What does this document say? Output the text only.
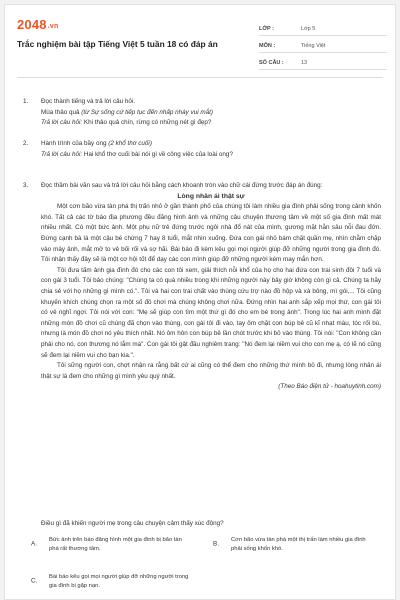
2048.vn
Trắc nghiệm bài tập Tiếng Việt 5 tuần 18 có đáp án
LỚP :	Lớp 5
MÔN :	Tiếng Việt
SỐ CÂU :	13
1. Đọc thành tiếng và trả lời câu hỏi.

Mùa thảo quả (từ Sự sống cứ tiếp tục đến nhấp nháy vui mắt)

Trả lời câu hỏi: Khi thảo quả chín, rừng có những nét gì đẹp?

2. Hành trình của bầy ong (2 khổ thơ cuối)

Trả lời câu hỏi: Hai khổ thơ cuối bài nói gì về công việc của loài ong?

3. Đọc thầm bài văn sau và trả lời câu hỏi bằng cách khoanh tròn vào chữ cái đứng trước đáp án đúng:

Lòng nhân ái thật sự

Một cơn bão vừa tàn phá thị trấn nhỏ ở gần thành phố của chúng tôi làm nhiều gia đình phải sống trong cảnh khốn khó. Tất cả các tờ báo địa phương đều đăng hình ảnh và những câu chuyện thương tâm về một số gia đình mất mát nhiều nhất. Có một bức ảnh. Một phụ nữ trẻ đứng trước ngôi nhà đổ nát của mình, gương mặt hằn sâu nỗi đau đớn. Đứng cạnh bà là một cậu bé chừng 7 hay 8 tuổi, mắt nhìn xuống. Đứa con gái nhỏ bám chặt quần mẹ, nhìn chằm chặp vào máy ảnh, mắt mở to vẻ bối rối và sợ hãi. Bài báo đi kèm kêu gọi mọi người giúp đỡ những người trong gia đình đó. Tôi nhận thấy đây sẽ là một cơ hội tốt để dạy các con mình giúp đỡ những người kém may mắn hơn.

Tôi đưa tấm ảnh gia đình đó cho các con tôi xem, giải thích nỗi khổ của họ cho hai đứa con trai sinh đôi 7 tuổi và con gái 3 tuổi. Tôi bảo chúng: "Chúng ta có quá nhiều trong khi những người này bây giờ không còn gì cả. Chúng ta hãy chia sẻ với họ những gì mình có.". Tôi và hai con trai chất vào thùng cứu trợ nào đồ hộp và xà bông, mì gói,... Tôi cũng khuyến khích chúng chọn ra một số đồ chơi mà chúng không chơi nữa. Đứng nhìn hai anh sắp xếp mọi thứ, con gái tôi có vẻ nghĩ ngợi. Tôi nói với con: "Mẹ sẽ giúp con tìm một thứ gì đó cho em bé trong ảnh". Trong lúc hai anh mình đặt những món đồ chơi cũ chúng đã chọn vào thùng, con gái tôi đi vào, tay ôm chặt con búp bê cũ kĩ nhạt màu, tóc rối bù, nhưng là món đồ chơi nó yêu thích nhất. Nó ôm hôn con búp bê lần chót trước khi bỏ vào thùng. Tôi nói: "Con không cần phải cho nó, con thương nó lắm mà". Con gái tôi gật đầu nghiêm trang: "Nó đem lại niềm vui cho con mẹ ạ, có lẽ nó cũng sẽ đem lại niềm vui cho bạn kia.".

Tôi sững người con, chợt nhận ra rằng bất cứ ai cũng có thể đem cho những thứ mình bỏ đi, nhưng lòng nhân ái thật sự là đem cho những gì mình yêu quý nhất.

(Theo Báo điện tử - hoahuytinh.com)

Điều gì đã khiến người mẹ trong câu chuyện cảm thấy xúc động?
A.
Bức ảnh trên báo đăng hình một gia đình bị bão tàn phá rất thương tâm.
B.
Cơn bão vừa tàn phá một thị trấn làm nhiều gia đình phải sống khốn khó.
C.
Bài báo kêu gọi mọi người giúp đỡ những người trong gia đình bị gặp nạn.
